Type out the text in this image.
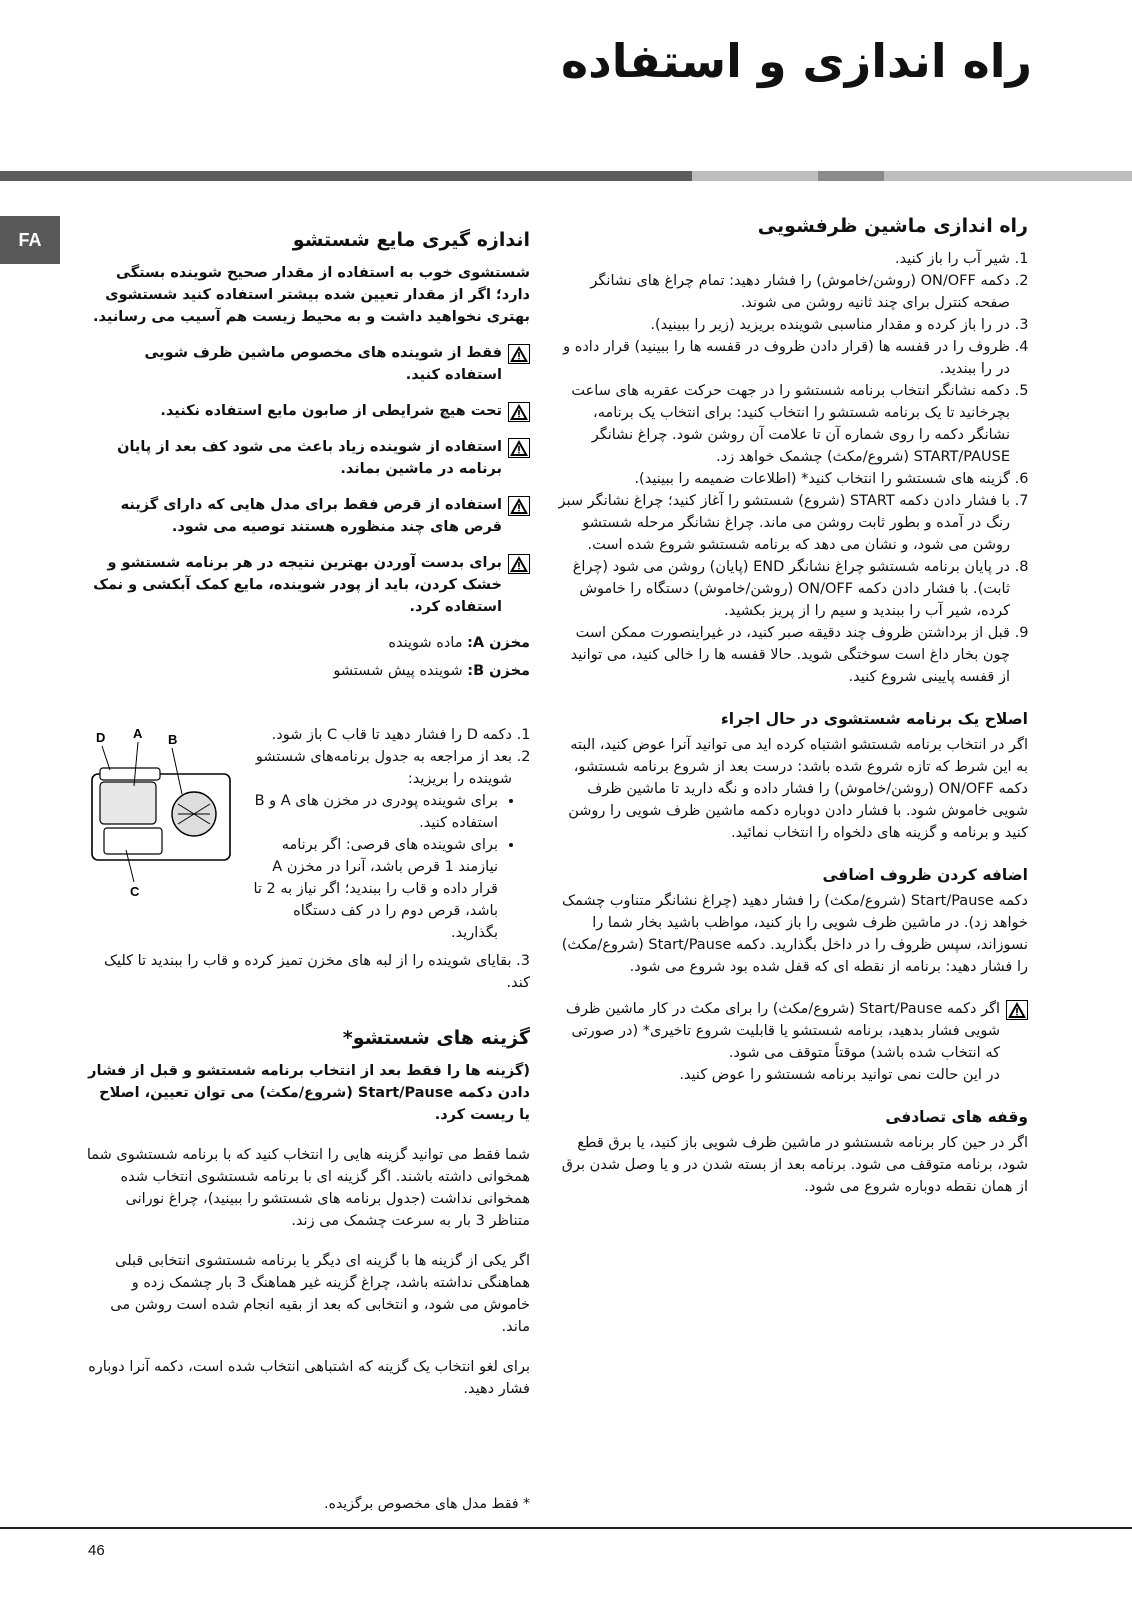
راه اندازی و استفاده
FA
راه اندازی ماشین ظرفشویی
1. شیر آب را باز کنید.
2. دکمه ON/OFF (روشن/خاموش) را فشار دهید: تمام چراغ های نشانگر صفحه کنترل برای چند ثانیه روشن می شوند.
3. در را باز کرده و مقدار مناسبی شوینده بریزید (زیر را ببینید).
4. ظروف را در قفسه ها (قرار دادن ظروف در قفسه ها را ببینید) قرار داده و در را ببندید.
5. دکمه نشانگر انتخاب برنامه شستشو را در جهت حرکت عقربه های ساعت بچرخانید تا یک برنامه شستشو را انتخاب کنید: برای انتخاب یک برنامه، نشانگر دکمه را روی شماره آن تا علامت آن روشن شود. چراغ نشانگر START/PAUSE (شروع/مکث) چشمک خواهد زد.
6. گزینه های شستشو را انتخاب کنید* (اطلاعات ضمیمه را ببینید).
7. با فشار دادن دکمه START (شروع) شستشو را آغاز کنید؛ چراغ نشانگر سبز رنگ در آمده و بطور ثابت روشن می ماند. چراغ نشانگر مرحله شستشو روشن می شود، و نشان می دهد که برنامه شستشو شروع شده است.
8. در پایان برنامه شستشو چراغ نشانگر END (پایان) روشن می شود (چراغ ثابت). با فشار دادن دکمه ON/OFF (روشن/خاموش) دستگاه را خاموش کرده، شیر آب را ببندید و سیم را از پریز بکشید.
9. قبل از برداشتن ظروف چند دقیقه صبر کنید، در غیراینصورت ممکن است چون بخار داغ است سوختگی شوید. حالا قفسه ها را خالی کنید، می توانید از قفسه پایینی شروع کنید.
اصلاح یک برنامه شستشوی در حال اجراء

اگر در انتخاب برنامه شستشو اشتباه کرده اید می توانید آنرا عوض کنید، البته به این شرط که تازه شروع شده باشد: درست بعد از شروع برنامه شستشو، دکمه ON/OFF (روشن/خاموش) را فشار داده و نگه دارید تا ماشین ظرف شویی خاموش شود. با فشار دادن دوباره دکمه ماشین ظرف شویی را روشن کنید و برنامه و گزینه های دلخواه را انتخاب نمائید.

اضافه کردن ظروف اضافی

دکمه Start/Pause (شروع/مکث) را فشار دهید (چراغ نشانگر متناوب چشمک خواهد زد). در ماشین ظرف شویی را باز کنید، مواظب باشید بخار شما را نسوزاند، سپس ظروف را در داخل بگذارید. دکمه Start/Pause (شروع/مکث) را فشار دهید: برنامه از نقطه ای که قفل شده بود شروع می شود.

اگر دکمه Start/Pause (شروع/مکث) را برای مکث در کار ماشین ظرف شویی فشار بدهید، برنامه شستشو یا قابلیت شروع تاخیری* (در صورتی که انتخاب شده باشد) موقتاً متوقف می شود.
در این حالت نمی توانید برنامه شستشو را عوض کنید.
وقفه های تصادفی

اگر در حین کار برنامه شستشو در ماشین ظرف شویی باز کنید، یا برق قطع شود، برنامه متوقف می شود. برنامه بعد از بسته شدن در و یا وصل شدن برق از همان نقطه دوباره شروع می شود.

اندازه گیری مایع شستشو

شستشوی خوب به استفاده از مقدار صحیح شوینده بستگی دارد؛ اگر از مقدار تعیین شده بیشتر استفاده کنید شستشوی بهتری نخواهید داشت و به محیط زیست هم آسیب می رسانید.

فقط از شوینده های مخصوص ماشین ظرف شویی استفاده کنید.
تحت هیچ شرایطی از صابون مایع استفاده نکنید.
استفاده از شوینده زیاد باعث می شود کف بعد از پایان برنامه در ماشین بماند.
استفاده از قرص فقط برای مدل هایی که دارای گزینه قرص های چند منظوره هستند توصیه می شود.
برای بدست آوردن بهترین نتیجه در هر برنامه شستشو و خشک کردن، باید از پودر شوینده، مایع کمک آبکشی و نمک استفاده کرد.

مخزن A: ماده شوینده

مخزن B: شوینده پیش شستشو

1. دکمه D را فشار دهید تا قاب C باز شود.
2. بعد از مراجعه به جدول برنامه‌های شستشو شوینده را بریزید:
• برای شوینده پودری در مخزن های A و B استفاده کنید.
• برای شوینده های قرصی: اگر برنامه نیازمند 1 قرص باشد، آنرا در مخزن A قرار داده و قاب را ببندید؛ اگر نیاز به 2 تا باشد، قرص دوم را در کف دستگاه بگذارید.
D A B
C

3. بقایای شوینده را از لبه های مخزن تمیز کرده و قاب را ببندید تا کلیک کند.

گزینه های شستشو*

(گزینه ها را فقط بعد از انتخاب برنامه شستشو و قبل از فشار دادن دکمه Start/Pause (شروع/مکث) می توان تعیین، اصلاح یا ریست کرد.

شما فقط می توانید گزینه هایی را انتخاب کنید که با برنامه شستشوی شما همخوانی داشته باشند. اگر گزینه ای با برنامه شستشوی انتخاب شده همخوانی نداشت (جدول برنامه های شستشو را ببینید)، چراغ نورانی متناظر 3 بار به سرعت چشمک می زند.

اگر یکی از گزینه ها با گزینه ای دیگر یا برنامه شستشوی انتخابی قبلی هماهنگی نداشته باشد، چراغ گزینه غیر هماهنگ 3 بار چشمک زده و خاموش می شود، و انتخابی که بعد از بقیه انجام شده است روشن می ماند.

برای لغو انتخاب یک گزینه که اشتباهی انتخاب شده است، دکمه آنرا دوباره فشار دهید.

* فقط مدل های مخصوص برگزیده.
46
